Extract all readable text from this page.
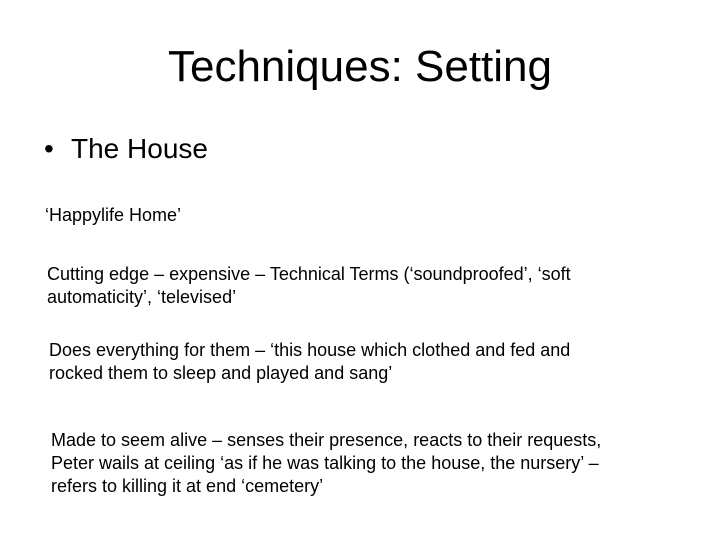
Techniques: Setting
• The House
‘Happylife Home’
Cutting edge – expensive – Technical Terms (‘soundproofed’, ‘soft
automaticity’, ‘televised’
Does everything for them – ‘this house which clothed and fed and
rocked them to sleep and played and sang’
Made to seem alive – senses their presence, reacts to their requests,
Peter wails at ceiling ‘as if he was talking to the house, the nursery’ –
refers to killing it at end ‘cemetery’
